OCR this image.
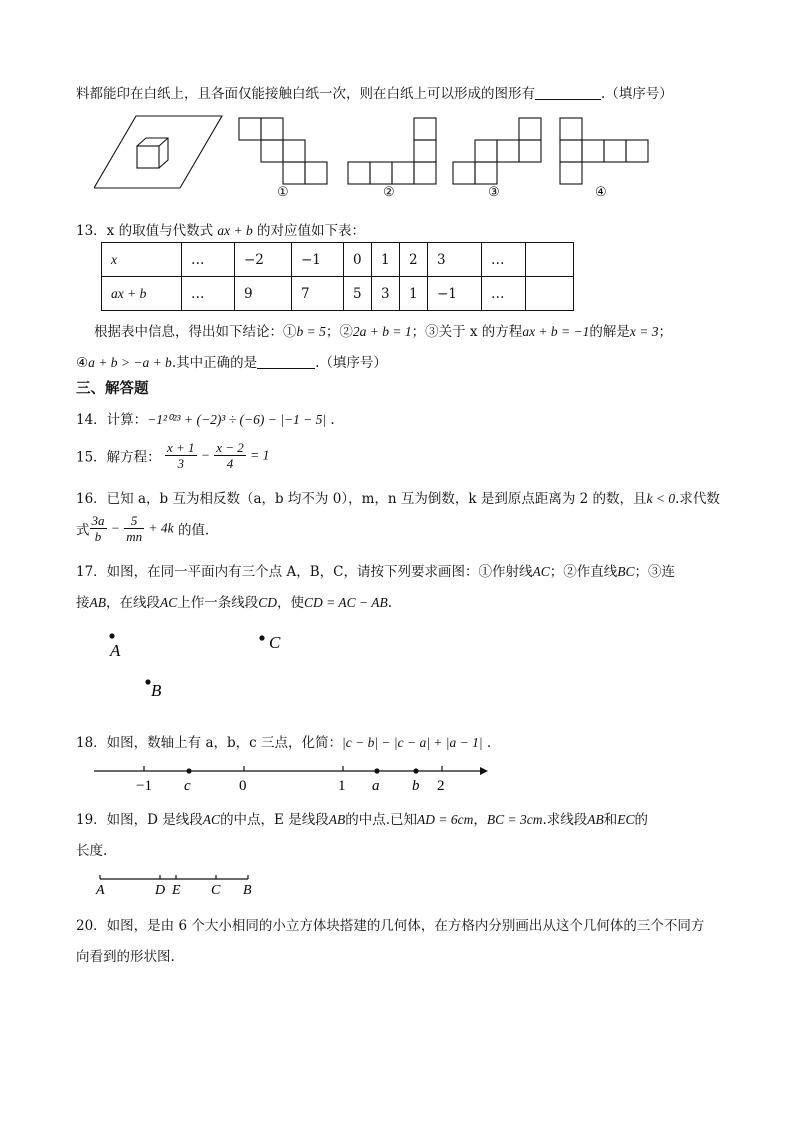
料都能印在白纸上，且各面仅能接触白纸一次，则在白纸上可以形成的图形有	.（填序号）
①	②	③	④
13．x 的取值与代数式 ax + b 的对应值如下表：
x	…	−2	−1	0	1	2	3	…	
ax + b	…	9	7	5	3	1	−1	…	
根据表中信息，得出如下结论：①b = 5；②2a + b = 1；③关于 x 的方程ax + b = −1的解是x = 3；
④a + b > −a + b.其中正确的是	.（填序号）
三、解答题
14．计算：−1²⁰²³ + (−2)³ ÷ (−6) − |−1 − 5| .
15．解方程： $\frac{x + 1}{3} - \frac{x - 2}{4} = 1$
16．已知 a，b 互为相反数（a，b 均不为 0），m，n 互为倒数，k 是到原点距离为 2 的数，且k < 0.求代数
式 $\frac{3a}{b} - \frac{5}{mn} + 4k$ 的值.
17．如图，在同一平面内有三个点 A，B，C，请按下列要求画图：①作射线AC；②作直线BC；③连
接AB，在线段AC上作一条线段CD，使CD = AC − AB.
A	C
B
18．如图，数轴上有 a，b，c 三点，化简：|c − b| − |c − a| + |a − 1| .
−1	0	1	2
c	a b
19．如图，D 是线段AC的中点，E 是线段AB的中点.已知AD = 6cm，BC = 3cm.求线段AB和EC的
长度.
A	D E C B
20．如图，是由 6 个大小相同的小立方体块搭建的几何体，在方格内分别画出从这个几何体的三个不同方
向看到的形状图.
